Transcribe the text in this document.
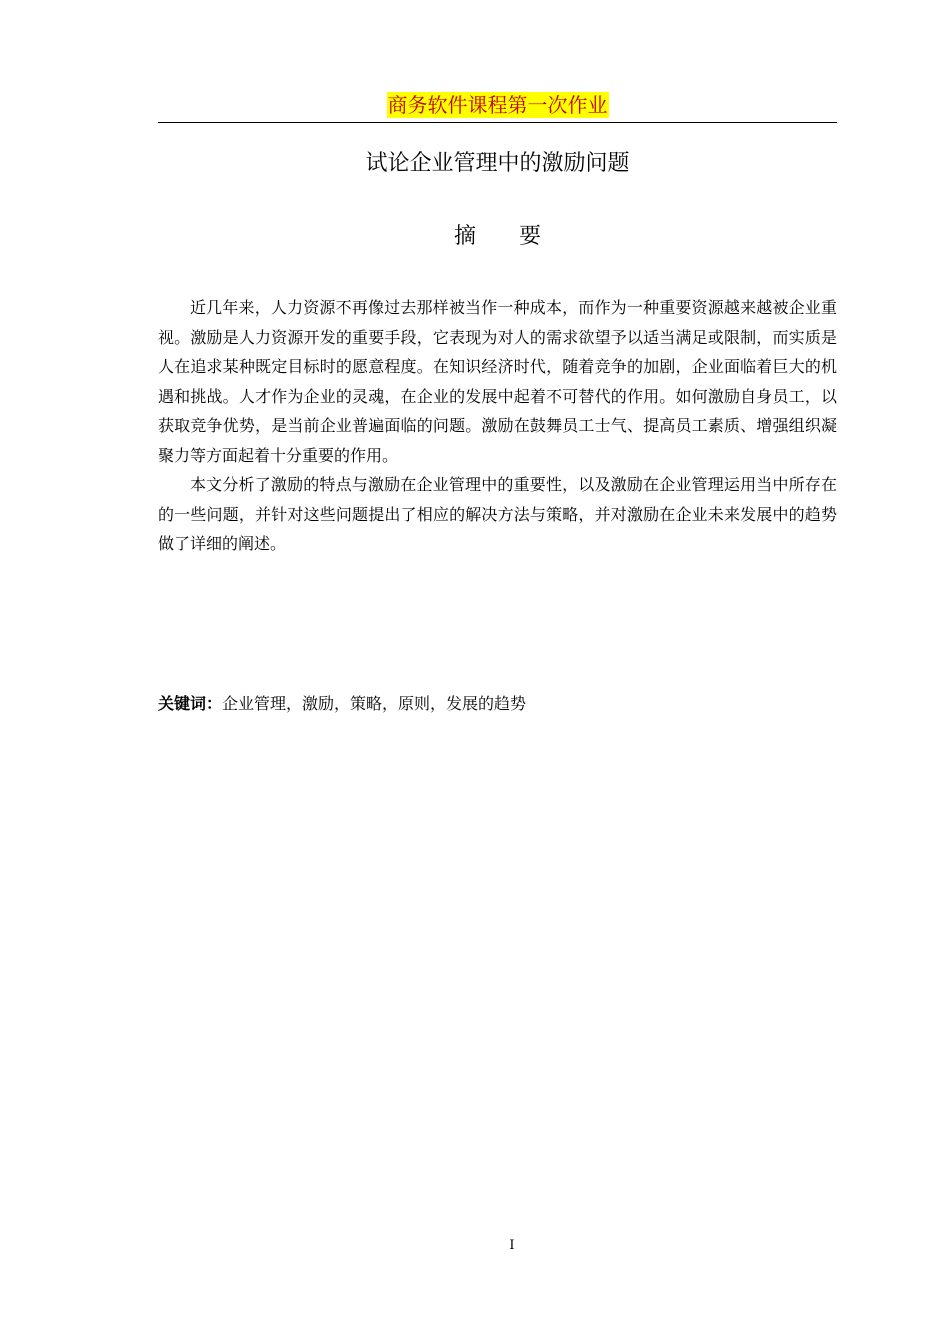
商务软件课程第一次作业
试论企业管理中的激励问题
摘 要

近几年来，人力资源不再像过去那样被当作一种成本，而作为一种重要资源越来越被企业重视。激励是人力资源开发的重要手段，它表现为对人的需求欲望予以适当满足或限制，而实质是人在追求某种既定目标时的愿意程度。在知识经济时代，随着竞争的加剧，企业面临着巨大的机遇和挑战。人才作为企业的灵魂，在企业的发展中起着不可替代的作用。如何激励自身员工，以获取竞争优势，是当前企业普遍面临的问题。激励在鼓舞员工士气、提高员工素质、增强组织凝聚力等方面起着十分重要的作用。

本文分析了激励的特点与激励在企业管理中的重要性，以及激励在企业管理运用当中所存在的一些问题，并针对这些问题提出了相应的解决方法与策略，并对激励在企业未来发展中的趋势做了详细的阐述。

关键词：企业管理，激励，策略，原则，发展的趋势
I
